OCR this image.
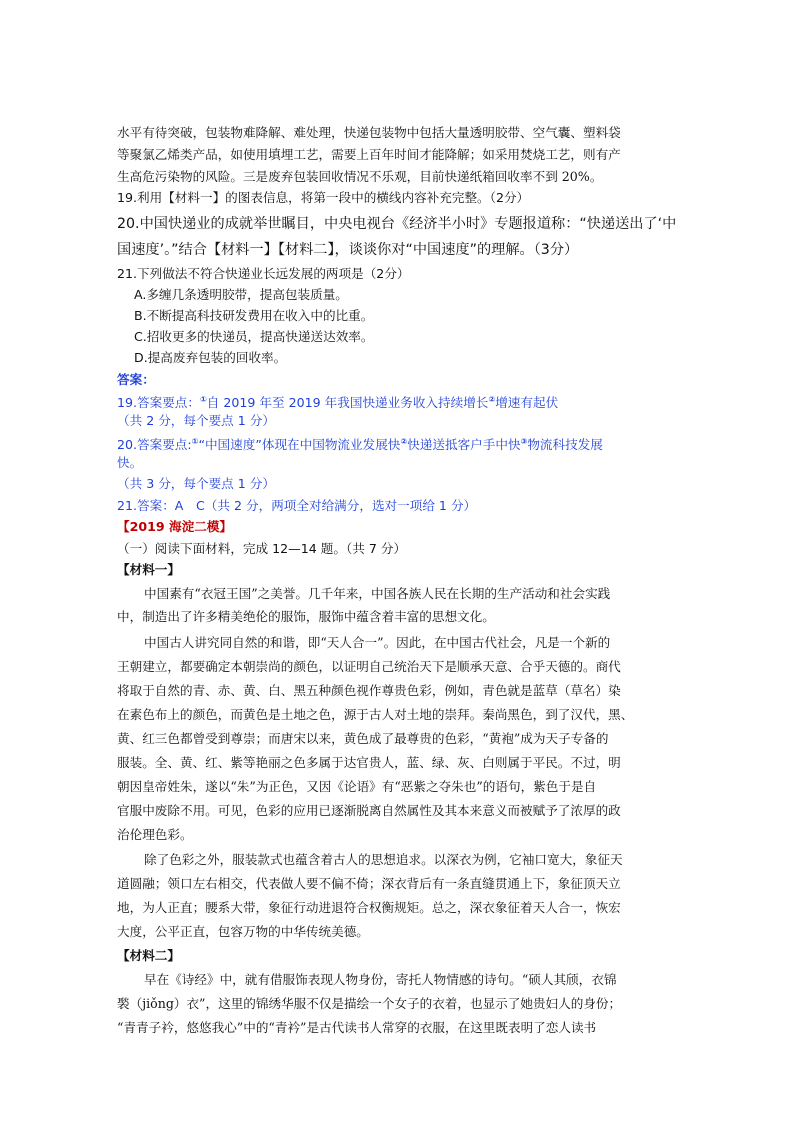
水平有待突破，包装物难降解、难处理，快递包装物中包括大量透明胶带、空气囊、塑料袋
等聚氯乙烯类产品，如使用填埋工艺，需要上百年时间才能降解；如采用焚烧工艺，则有产
生高危污染物的风险。三是废弃包装回收情况不乐观，目前快递纸箱回收率不到 20%。
19.利用【材料一】的图表信息，将第一段中的横线内容补充完整。（2分）
20.中国快递业的成就举世瞩目，中央电视台《经济半小时》专题报道称：“快递送出了‘中
国速度’。”结合【材料一】【材料二】，谈谈你对“中国速度”的理解。（3分）
21.下列做法不符合快递业长远发展的两项是（2分）
A.多缠几条透明胶带，提高包装质量。
B.不断提高科技研发费用在收入中的比重。
C.招收更多的快递员，提高快递送达效率。
D.提高废弃包装的回收率。
答案：
19.答案要点：①自 2019 年至 2019 年我国快递业务收入持续增长②增速有起伏
（共 2 分，每个要点 1 分）
20.答案要点:①“中国速度”体现在中国物流业发展快②快递送抵客户手中快③物流科技发展
快。
（共 3 分，每个要点 1 分）
21.答案：A　C（共 2 分，两项全对给满分，选对一项给 1 分）
【2019 海淀二模】
（一）阅读下面材料，完成 12—14 题。（共 7 分）
【材料一】
中国素有“衣冠王国”之美誉。几千年来，中国各族人民在长期的生产活动和社会实践
中，制造出了许多精美绝伦的服饰，服饰中蕴含着丰富的思想文化。
中国古人讲究同自然的和谐，即“天人合一”。因此，在中国古代社会，凡是一个新的
王朝建立，都要确定本朝崇尚的颜色，以证明自己统治天下是顺承天意、合乎天德的。商代
将取于自然的青、赤、黄、白、黑五种颜色视作尊贵色彩，例如，青色就是蓝草（草名）染
在素色布上的颜色，而黄色是土地之色，源于古人对土地的崇拜。秦尚黑色，到了汉代，黑、
黄、红三色都曾受到尊崇；而唐宋以来，黄色成了最尊贵的色彩，“黄袍”成为天子专备的
服装。全、黄、红、紫等艳丽之色多属于达官贵人，蓝、绿、灰、白则属于平民。不过，明
朝因皇帝姓朱，遂以“朱”为正色，又因《论语》有“恶紫之夺朱也”的语句，紫色于是自
官服中废除不用。可见，色彩的应用已逐渐脱离自然属性及其本来意义而被赋予了浓厚的政
治伦理色彩。
除了色彩之外，服装款式也蕴含着古人的思想追求。以深衣为例，它袖口宽大，象征天
道圆融；领口左右相交，代表做人要不偏不倚；深衣背后有一条直缝贯通上下，象征顶天立
地，为人正直；腰系大带，象征行动进退符合权衡规矩。总之，深衣象征着天人合一，恢宏
大度，公平正直，包容万物的中华传统美德。
【材料二】
早在《诗经》中，就有借服饰表现人物身份，寄托人物情感的诗句。“硕人其颀，衣锦
褧（jiǒng）衣”，这里的锦绣华服不仅是描绘一个女子的衣着，也显示了她贵妇人的身份；
“青青子衿，悠悠我心”中的“青衿”是古代读书人常穿的衣服，在这里既表明了恋人读书
